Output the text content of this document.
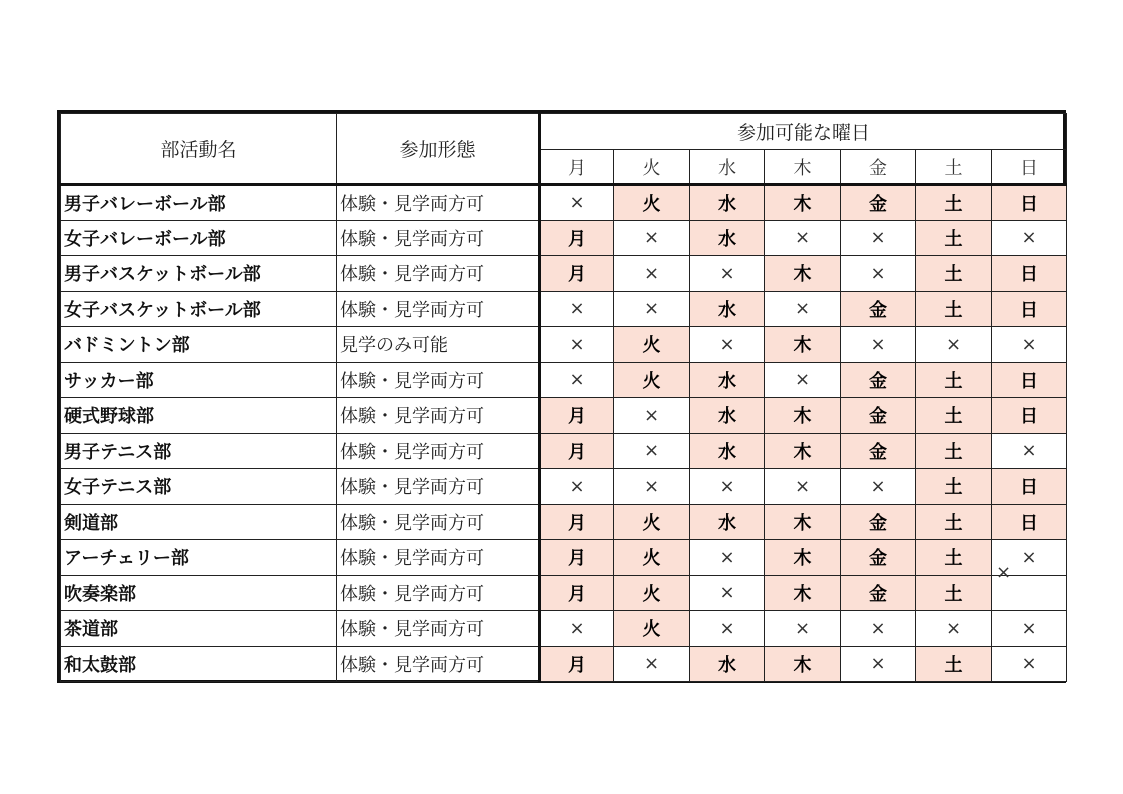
部活動名	参加形態	参加可能な曜日						
		月	火	水	木	金	土	日
男子バレーボール部	体験・見学両方可	×	火	水	木	金	土	日
女子バレーボール部	体験・見学両方可	月	×	水	×	×	土	×
男子バスケットボール部	体験・見学両方可	月	×	×	木	×	土	日
女子バスケットボール部	体験・見学両方可	×	×	水	×	金	土	日
バドミントン部	見学のみ可能	×	火	×	木	×	×	×
サッカー部	体験・見学両方可	×	火	水	×	金	土	日
硬式野球部	体験・見学両方可	月	×	水	木	金	土	日
男子テニス部	体験・見学両方可	月	×	水	木	金	土	×
女子テニス部	体験・見学両方可	×	×	×	×	×	土	日
剣道部	体験・見学両方可	月	火	水	木	金	土	日
アーチェリー部	体験・見学両方可	月	火	×	木	金	土	×
吹奏楽部	体験・見学両方可	月	火	×	木	金	土	
茶道部	体験・見学両方可	×	火	×	×	×	×	×
和太鼓部	体験・見学両方可	月	×	水	木	×	土	×
×
